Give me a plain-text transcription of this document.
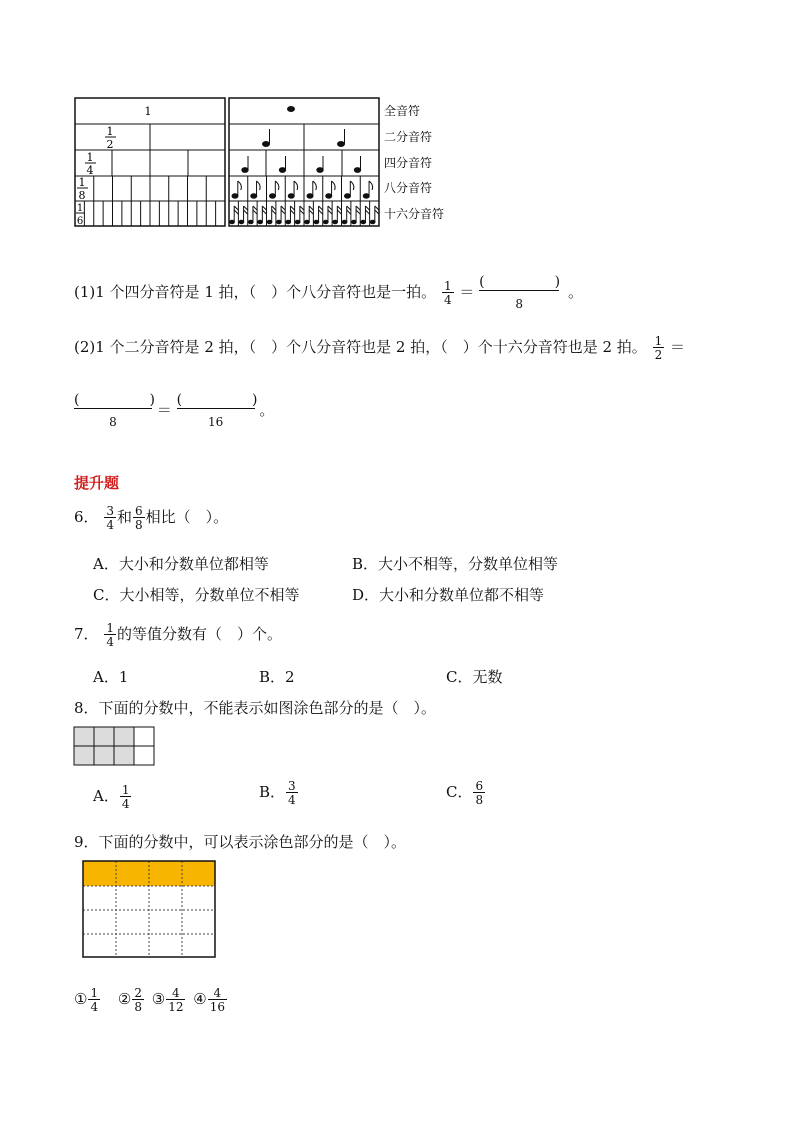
1
1
2
1
4
1
8
1
6
全音符
二分音符
四分音符
八分音符
十六分音符
(1)1 个四分音符是 1 拍，（　）个八分音符也是一拍。 $\frac{1}{4}$ ＝
(　　　　　)
8
。
(2)1 个二分音符是 2 拍，（　）个八分音符也是 2 拍，（　）个十六分音符也是 2 拍。 $\frac{1}{2}$ ＝
(　　　　　)
8
＝
(　　　　　)
16
。
提升题
6． $\frac{3}{4}$ 和 $\frac{6}{8}$ 相比（　）。
A．大小和分数单位都相等	B．大小不相等，分数单位相等
C．大小相等，分数单位不相等	D．大小和分数单位都不相等
7． $\frac{1}{4}$ 的等值分数有（　）个。
A．1	B．2	C．无数
8．下面的分数中，不能表示如图涂色部分的是（　）。
A． $\frac{1}{4}$	B． $\frac{3}{4}$	C． $\frac{6}{8}$
9．下面的分数中，可以表示涂色部分的是（　）。
① $\frac{1}{4}$ ② $\frac{2}{8}$ ③ $\frac{4}{12}$ ④ $\frac{4}{16}$
